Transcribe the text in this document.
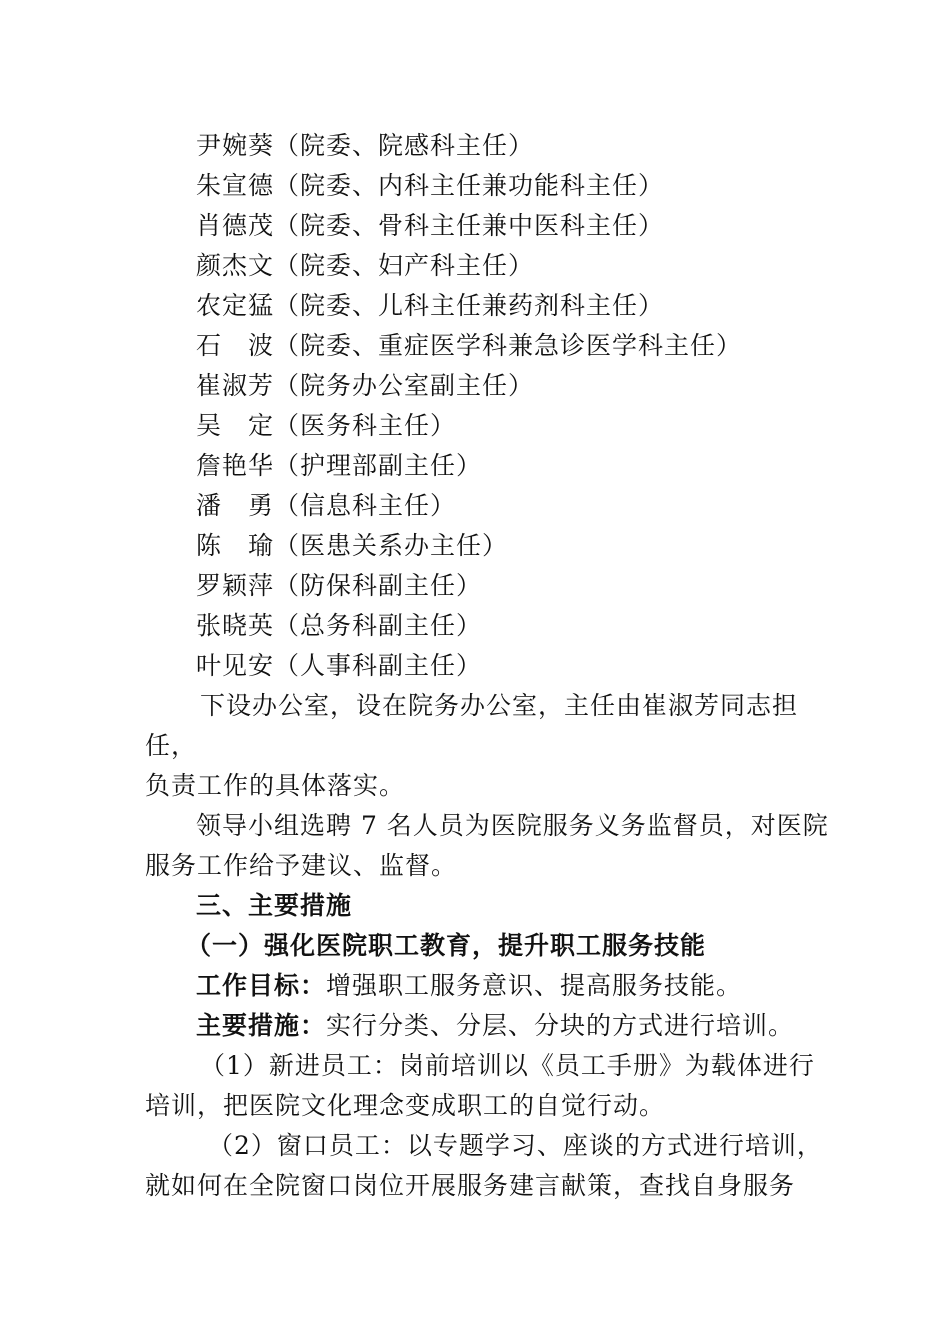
尹婉葵（院委、院感科主任）
朱宣德（院委、内科主任兼功能科主任）
肖德茂（院委、骨科主任兼中医科主任）
颜杰文（院委、妇产科主任）
农定猛（院委、儿科主任兼药剂科主任）
石　波（院委、重症医学科兼急诊医学科主任）
崔淑芳（院务办公室副主任）
吴　定（医务科主任）
詹艳华（护理部副主任）
潘　勇（信息科主任）
陈　瑜（医患关系办主任）
罗颖萍（防保科副主任）
张晓英（总务科副主任）
叶见安（人事科副主任）
下设办公室，设在院务办公室，主任由崔淑芳同志担
任，
负责工作的具体落实。
领导小组选聘 7 名人员为医院服务义务监督员，对医院
服务工作给予建议、监督。
三、主要措施
（一）强化医院职工教育，提升职工服务技能
工作目标：增强职工服务意识、提高服务技能。
主要措施：实行分类、分层、分块的方式进行培训。
（1）新进员工：岗前培训以《员工手册》为载体进行
培训，把医院文化理念变成职工的自觉行动。
（2）窗口员工：以专题学习、座谈的方式进行培训，
就如何在全院窗口岗位开展服务建言献策，查找自身服务
